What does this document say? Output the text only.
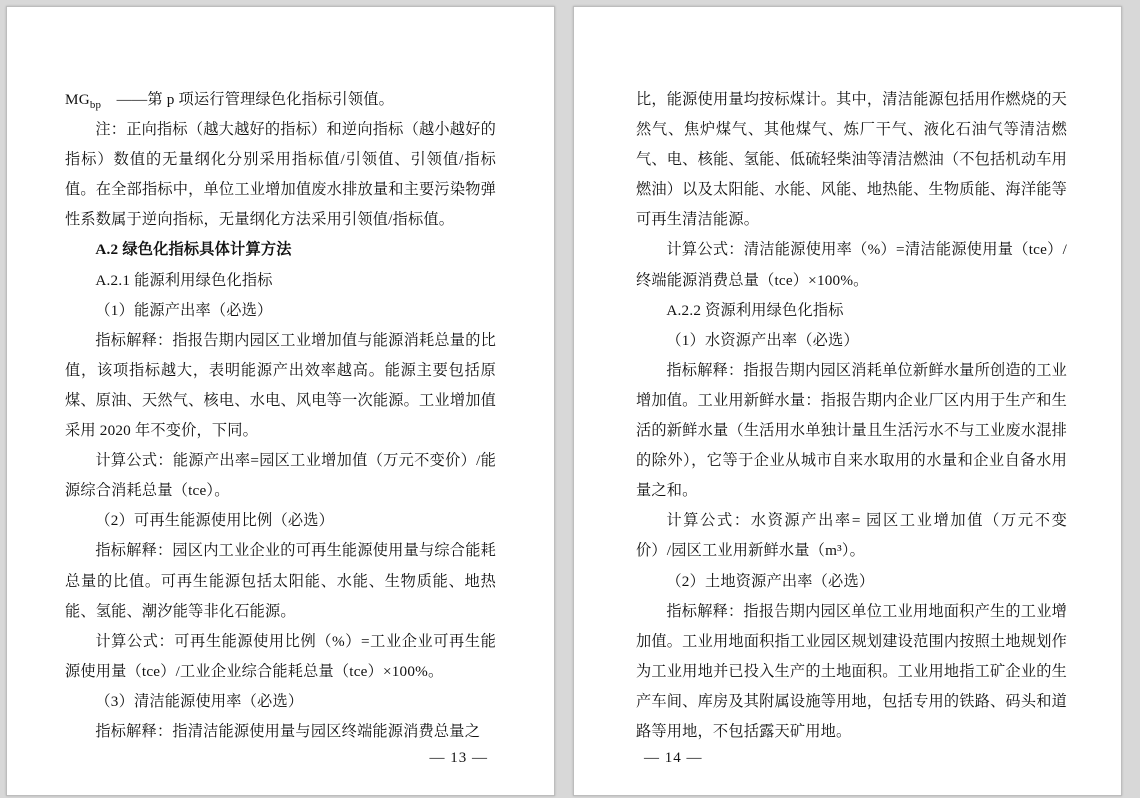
$MG_{bp}$　——第 p 项运行管理绿色化指标引领值。

注：正向指标（越大越好的指标）和逆向指标（越小越好的指标）数值的无量纲化分别采用指标值/引领值、引领值/指标值。在全部指标中，单位工业增加值废水排放量和主要污染物弹性系数属于逆向指标，无量纲化方法采用引领值/指标值。

A.2 绿色化指标具体计算方法

A.2.1 能源利用绿色化指标

（1）能源产出率（必选）

指标解释：指报告期内园区工业增加值与能源消耗总量的比值，该项指标越大，表明能源产出效率越高。能源主要包括原煤、原油、天然气、核电、水电、风电等一次能源。工业增加值采用 2020 年不变价，下同。

计算公式：能源产出率=园区工业增加值（万元不变价）/能源综合消耗总量（tce）。

（2）可再生能源使用比例（必选）

指标解释：园区内工业企业的可再生能源使用量与综合能耗总量的比值。可再生能源包括太阳能、水能、生物质能、地热能、氢能、潮汐能等非化石能源。

计算公式：可再生能源使用比例（%）=工业企业可再生能源使用量（tce）/工业企业综合能耗总量（tce）×100%。

（3）清洁能源使用率（必选）

指标解释：指清洁能源使用量与园区终端能源消费总量之

— 13 —

比，能源使用量均按标煤计。其中，清洁能源包括用作燃烧的天然气、焦炉煤气、其他煤气、炼厂干气、液化石油气等清洁燃气、电、核能、氢能、低硫轻柴油等清洁燃油（不包括机动车用燃油）以及太阳能、水能、风能、地热能、生物质能、海洋能等可再生清洁能源。

计算公式：清洁能源使用率（%）=清洁能源使用量（tce）/终端能源消费总量（tce）×100%。

A.2.2 资源利用绿色化指标

（1）水资源产出率（必选）

指标解释：指报告期内园区消耗单位新鲜水量所创造的工业增加值。工业用新鲜水量：指报告期内企业厂区内用于生产和生活的新鲜水量（生活用水单独计量且生活污水不与工业废水混排的除外），它等于企业从城市自来水取用的水量和企业自备水用量之和。

计算公式：水资源产出率= 园区工业增加值（万元不变价）/园区工业用新鲜水量（m³）。

（2）土地资源产出率（必选）

指标解释：指报告期内园区单位工业用地面积产生的工业增加值。工业用地面积指工业园区规划建设范围内按照土地规划作为工业用地并已投入生产的土地面积。工业用地指工矿企业的生产车间、库房及其附属设施等用地，包括专用的铁路、码头和道路等用地，不包括露天矿用地。

— 14 —
